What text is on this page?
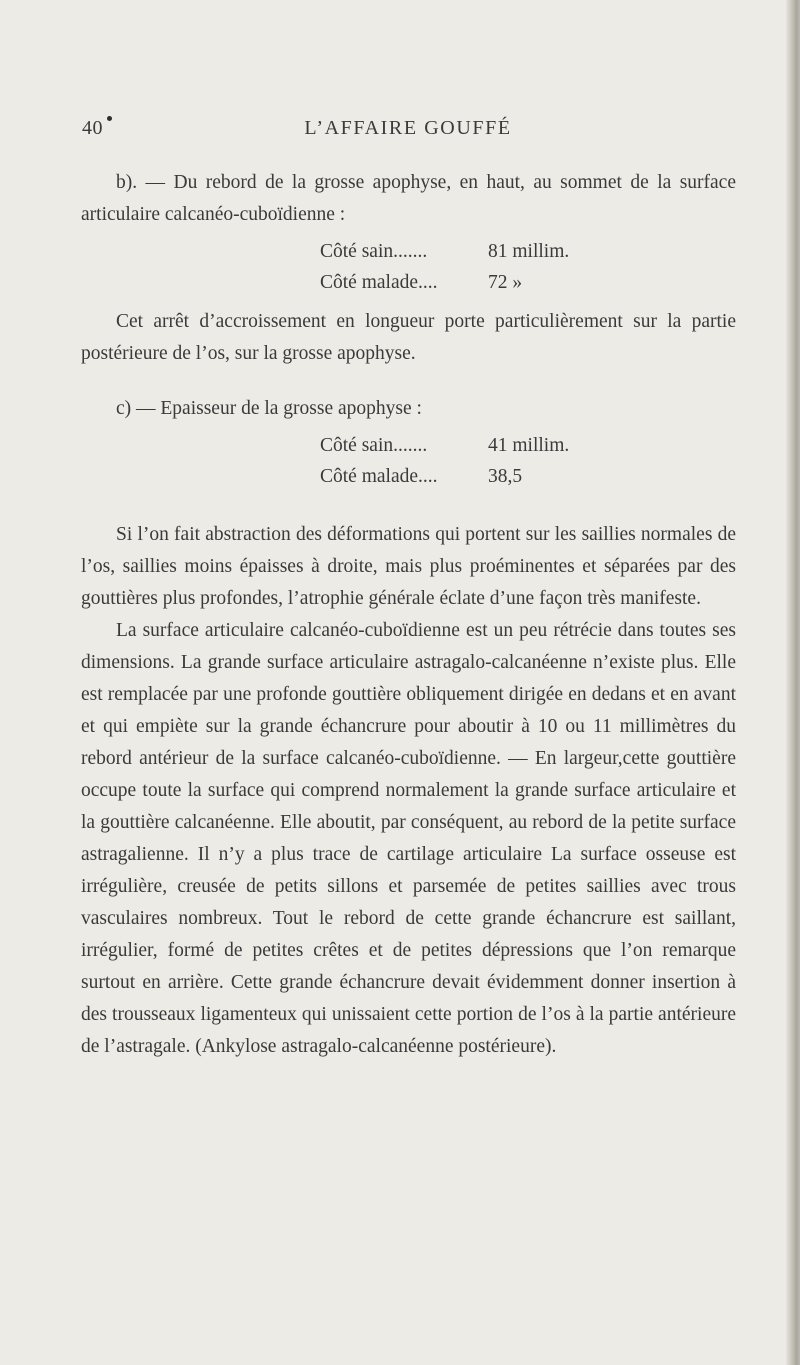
40	L’AFFAIRE GOUFFÉ

b). — Du rebord de la grosse apophyse, en haut, au sommet de la surface articulaire calcanéo-cuboïdienne :

Côté sain.......	81 millim.
Côté malade....	72 »

Cet arrêt d’accroissement en longueur porte particulièrement sur la partie postérieure de l’os, sur la grosse apophyse.

c) — Epaisseur de la grosse apophyse :

Côté sain.......	41 millim.
Côté malade....	38,5

Si l’on fait abstraction des déformations qui portent sur les saillies normales de l’os, saillies moins épaisses à droite, mais plus proéminentes et séparées par des gouttières plus profondes, l’atrophie générale éclate d’une façon très manifeste.

La surface articulaire calcanéo-cuboïdienne est un peu rétrécie dans toutes ses dimensions. La grande surface articulaire astragalo-calcanéenne n’existe plus. Elle est remplacée par une profonde gouttière obliquement dirigée en dedans et en avant et qui empiète sur la grande échancrure pour aboutir à 10 ou 11 millimètres du rebord antérieur de la surface calcanéo-cuboïdienne. — En largeur,cette gouttière occupe toute la surface qui comprend normalement la grande surface articulaire et la gouttière calcanéenne. Elle aboutit, par conséquent, au rebord de la petite surface astragalienne. Il n’y a plus trace de cartilage articulaire La surface osseuse est irrégulière, creusée de petits sillons et parsemée de petites saillies avec trous vasculaires nombreux. Tout le rebord de cette grande échancrure est saillant, irrégulier, formé de petites crêtes et de petites dépressions que l’on remarque surtout en arrière. Cette grande échancrure devait évidemment donner insertion à des trousseaux ligamenteux qui unissaient cette portion de l’os à la partie antérieure de l’astragale. (Ankylose astragalo-calcanéenne postérieure).
